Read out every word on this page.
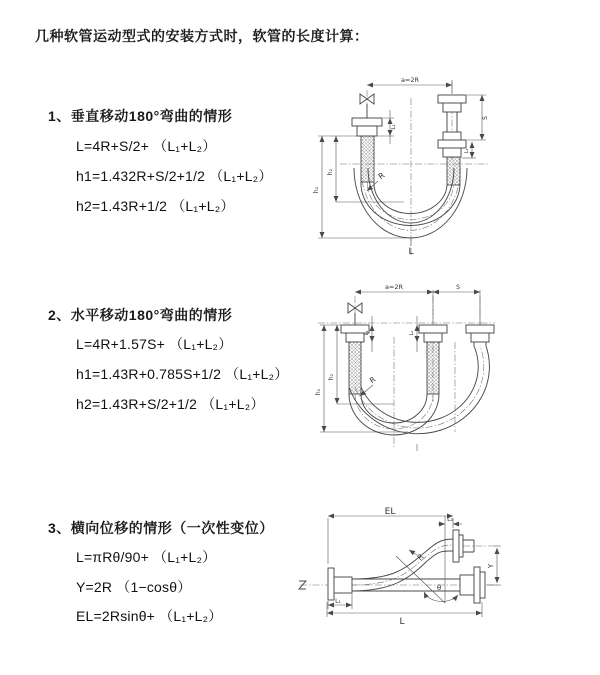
几种软管运动型式的安装方式时，软管的长度计算：
1、垂直移动180°弯曲的情形
L=4R+S/2+ （L₁+L₂）
h1=1.432R+S/2+1/2 （L₁+L₂）
h2=1.43R+1/2 （L₁+L₂）
a=2R
L₁
S
L₂
h₁
h₂	R
L
2、水平移动180°弯曲的情形
L=4R+1.57S+ （L₁+L₂）
h1=1.43R+0.785S+1/2 （L₁+L₂）
h2=1.43R+S/2+1/2 （L₁+L₂）
a=2R	S
L₁	L₂
h₁
h₂	R
3、横向位移的情形（一次性变位）
L=πRθ/90+ （L₁+L₂）
Y=2R （1−cosθ）
EL=2Rsinθ+ （L₁+L₂）
EL
L₂
R
θ
Y
L₁
L
